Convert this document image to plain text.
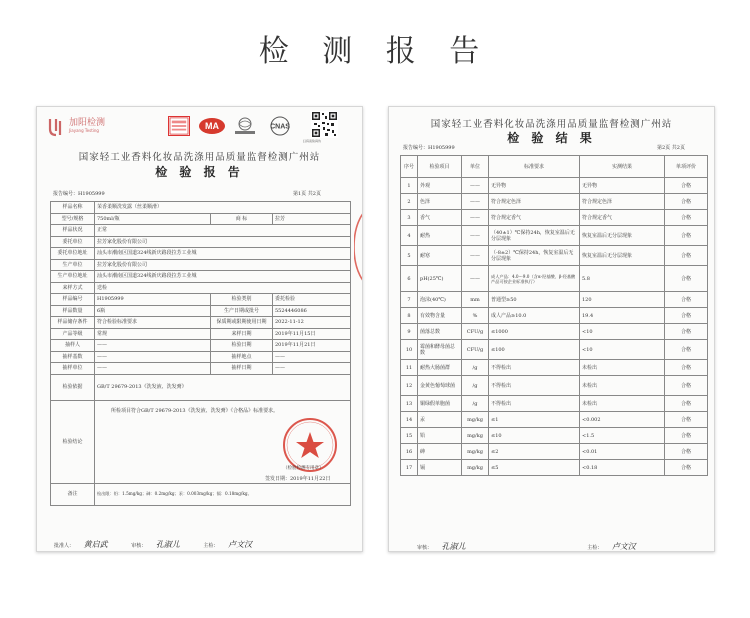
检 测 报 告
加阳检测
Jiayang Testing	MA	CNAS
扫码查验真伪
国家轻工业香料化妆品洗涤用品质量监督检测广州站
检 验 报 告
报告编号：H1905999	第1页 共2页
样品名称	茉香柔顺洗发露（丝柔顺滑）		
型号/规格	750ml/瓶	商 标	拉芳
样品状况	正常		
委托单位	拉芳家化股份有限公司		
委托单位地址	汕头市潮南区国道324线新庆路段拉芳工业城		
生产单位	拉芳家化股份有限公司		
生产单位地址	汕头市潮南区国道324线新庆路段拉芳工业城		
来样方式	送检		
样品编号	H1905999	检验类别	委托检验
样品数量	6瓶	生产日期或批号	5524446086
样品储存条件	符合检验标准要求	保质期或限期使用日期	2022-11-12
产品等级	常规	来样日期	2019年11月15日
抽样人	——	检验日期	2019年11月21日
抽样基数	——	抽样地点	——
抽样单位	——	抽样日期	——
检验依据	GB/T 29679-2013《洗发液、洗发膏》		
检验结论	所检项目符合GB/T 29679-2013《洗发液、洗发膏》《合格品》标准要求。
（检验检测专用章）
签发日期：2019年11月22日		

备注	检出限：铅：1.5mg/kg；砷：0.2mg/kg；汞：0.003mg/kg；镉：0.18mg/kg。		
批准人： 黄启武	审核： 孔淑儿	主检： 卢文汉
国家轻工业香料化妆品洗涤用品质量监督检测广州站
检 验 结 果
报告编号：H1905999	第2页 共2页
序号	检验项目	单位	标准要求	实测结果	单项评价
1	外观	——	无异物	无异物	合格
2	色泽	——	符合规定色泽	符合规定色泽	合格
3	香气	——	符合规定香气	符合规定香气	合格
4	耐热	——	（40±1）℃保持24h，恢复室温后无分层现象	恢复室温后无分层现象	合格
5	耐寒	——	（-8±2）℃保持24h，恢复室温后无分层现象	恢复室温后无分层现象	合格
6	pH(25℃)	——	成人产品：4.0～9.0（含α-羟基酸、β-羟基酸产品可按企业标准执行）	5.8	合格
7	泡沫(40℃)	mm	普通型≥50	120	合格
8	有效物含量	%	成人产品≥10.0	19.4	合格
9	菌落总数	CFU/g	≤1000	<10	合格
10	霉菌和酵母菌总数	CFU/g	≤100	<10	合格
11	耐热大肠菌群	/g	不得检出	未检出	合格
12	金黄色葡萄球菌	/g	不得检出	未检出	合格
13	铜绿假单胞菌	/g	不得检出	未检出	合格
14	汞	mg/kg	≤1	<0.002	合格
15	铅	mg/kg	≤10	<1.5	合格
16	砷	mg/kg	≤2	<0.01	合格
17	镉	mg/kg	≤5	<0.18	合格
审核： 孔淑儿	主检： 卢文汉
